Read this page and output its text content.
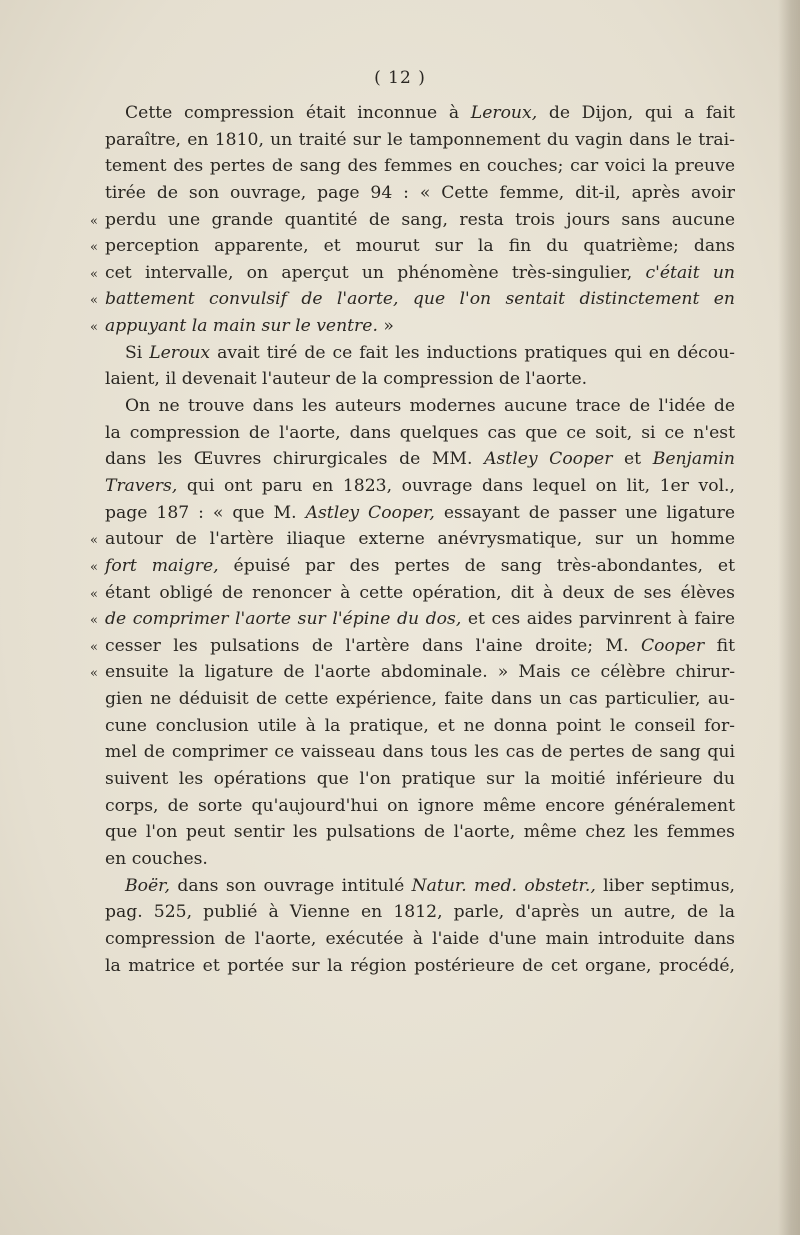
( 12 )
Cette compression était inconnue à Leroux, de Dijon, qui a fait
paraître, en 1810, un traité sur le tamponnement du vagin dans le trai-
tement des pertes de sang des femmes en couches; car voici la preuve
tirée de son ouvrage, page 94 : « Cette femme, dit-il, après avoir
« perdu une grande quantité de sang, resta trois jours sans aucune
« perception apparente, et mourut sur la fin du quatrième; dans
« cet intervalle, on aperçut un phénomène très-singulier, c'était un
« battement convulsif de l'aorte, que l'on sentait distinctement en
« appuyant la main sur le ventre. »
Si Leroux avait tiré de ce fait les inductions pratiques qui en décou-
laient, il devenait l'auteur de la compression de l'aorte.
On ne trouve dans les auteurs modernes aucune trace de l'idée de
la compression de l'aorte, dans quelques cas que ce soit, si ce n'est
dans les Œuvres chirurgicales de MM. Astley Cooper et Benjamin
Travers, qui ont paru en 1823, ouvrage dans lequel on lit, 1er vol.,
page 187 : « que M. Astley Cooper, essayant de passer une ligature
« autour de l'artère iliaque externe anévrysmatique, sur un homme
« fort maigre, épuisé par des pertes de sang très-abondantes, et
« étant obligé de renoncer à cette opération, dit à deux de ses élèves
« de comprimer l'aorte sur l'épine du dos, et ces aides parvinrent à faire
« cesser les pulsations de l'artère dans l'aine droite; M. Cooper fit
« ensuite la ligature de l'aorte abdominale. » Mais ce célèbre chirur-
gien ne déduisit de cette expérience, faite dans un cas particulier, au-
cune conclusion utile à la pratique, et ne donna point le conseil for-
mel de comprimer ce vaisseau dans tous les cas de pertes de sang qui
suivent les opérations que l'on pratique sur la moitié inférieure du
corps, de sorte qu'aujourd'hui on ignore même encore généralement
que l'on peut sentir les pulsations de l'aorte, même chez les femmes
en couches.
Boër, dans son ouvrage intitulé Natur. med. obstetr., liber septimus,
pag. 525, publié à Vienne en 1812, parle, d'après un autre, de la
compression de l'aorte, exécutée à l'aide d'une main introduite dans
la matrice et portée sur la région postérieure de cet organe, procédé,
